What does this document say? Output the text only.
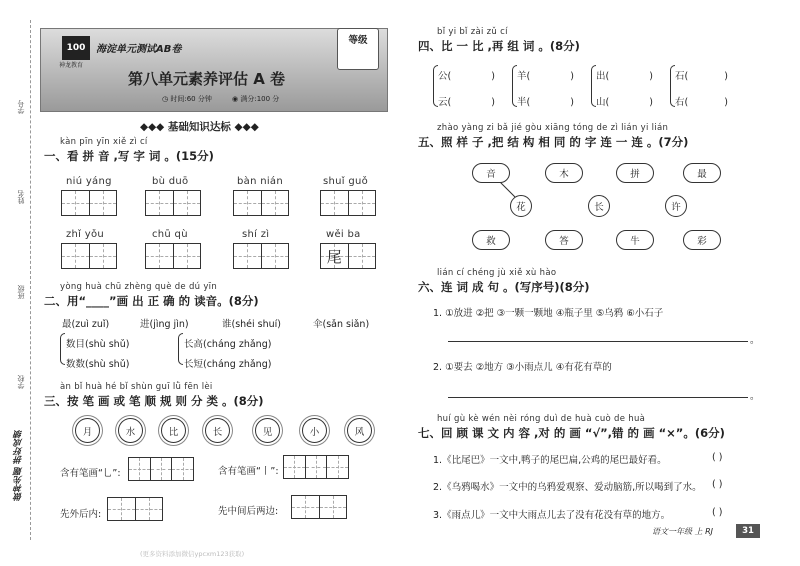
学号
姓名
班级
学校
做神先题 拼好成绩
100
神龙教育
海淀单元测试AB卷
等级
第八单元素养评估 A 卷
◷ 时间:60 分钟	◉ 满分:100 分
◆◆◆ 基础知识达标 ◆◆◆
kàn pīn yīn xiě zì cí
一、看 拼 音 ,写 字 词 。(15分)
niú yáng	bù duō	bàn nián	shuǐ guǒ
zhǐ yǒu	chū qù	shí zì	wěi ba
尾
yòng huà chū zhèng què de dú yīn
二、用“____”画 出 正 确 的 读音。(8分)
最(zuì zuǐ)	进(jìng jìn)	谁(shéi shuí)	伞(sǎn siǎn)
数目(shù shǔ)
数数(shù shǔ)
长高(cháng zhǎng)
长短(cháng zhǎng)
àn bǐ huà hé bǐ shùn guī lǜ fēn lèi
三、按 笔 画 或 笔 顺 规 则 分 类 。(8分)
月	水	比	长	见	小	风
含有笔画“乚”:	含有笔画“丨”:
先外后内:	先中间后两边:
bǐ yi bǐ zài zǔ cí
四、比 一 比 ,再 组 词 。(8分)
公(	)
云(	)
羊(	)
半(	)
出(	)
山(	)
石(	)
右(	)
zhào yàng zi bǎ jié gòu xiāng tóng de zì lián yi lián
五、照 样 子 ,把 结 构 相 同 的 字 连 一 连 。(7分)
音	木	拼	最
花	长	许
救	答	牛	彩
lián cí chéng jù xiě xù hào
六、连 词 成 句 。(写序号)(8分)
1. ①放进 ②把 ③一颗一颗地 ④瓶子里 ⑤乌鸦 ⑥小石子
。
2. ①要去 ②地方 ③小雨点儿 ④有花有草的
。
huí gù kè wén nèi róng duì de huà cuò de huà
七、回 顾 课 文 内 容 ,对 的 画 “√”,错 的 画 “×”。(6分)
1.《比尾巴》一文中,鸭子的尾巴扁,公鸡的尾巴最好看。	( )
2.《乌鸦喝水》一文中的乌鸦爱观察、爱动脑筋,所以喝到了水。 ( )
3.《雨点儿》一文中大雨点儿去了没有花没有草的地方。	( )
(更多资料添加微信ypcxm123获取)
语文一年级 上 RJ	31
